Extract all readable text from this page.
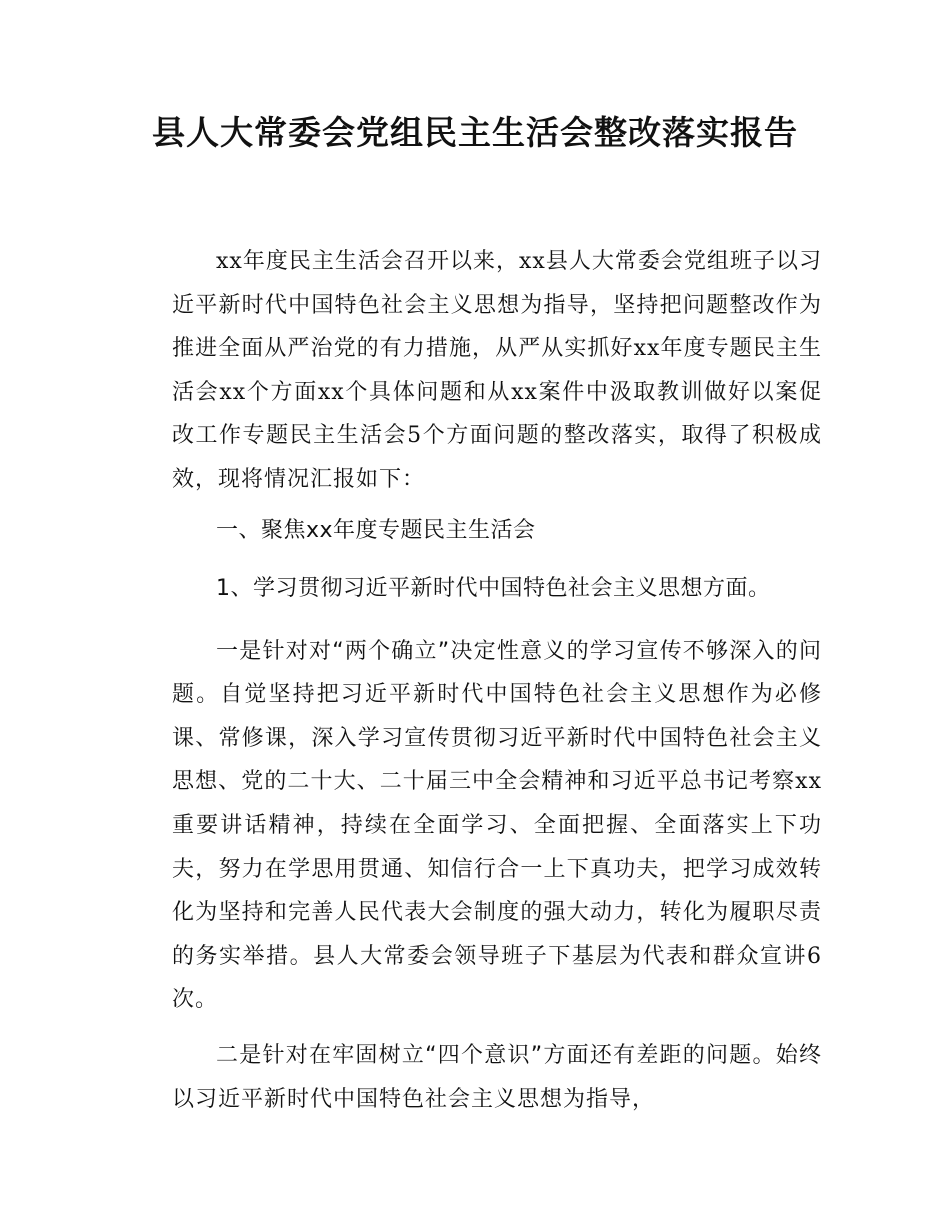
县人大常委会党组民主生活会整改落实报告

xx年度民主生活会召开以来，xx县人大常委会党组班子以习近平新时代中国特色社会主义思想为指导，坚持把问题整改作为推进全面从严治党的有力措施，从严从实抓好xx年度专题民主生活会xx个方面xx个具体问题和从xx案件中汲取教训做好以案促改工作专题民主生活会5个方面问题的整改落实，取得了积极成效，现将情况汇报如下：

一、聚焦xx年度专题民主生活会

1、学习贯彻习近平新时代中国特色社会主义思想方面。

一是针对对“两个确立”决定性意义的学习宣传不够深入的问题。自觉坚持把习近平新时代中国特色社会主义思想作为必修课、常修课，深入学习宣传贯彻习近平新时代中国特色社会主义思想、党的二十大、二十届三中全会精神和习近平总书记考察xx重要讲话精神，持续在全面学习、全面把握、全面落实上下功夫，努力在学思用贯通、知信行合一上下真功夫，把学习成效转化为坚持和完善人民代表大会制度的强大动力，转化为履职尽责的务实举措。县人大常委会领导班子下基层为代表和群众宣讲6次。

二是针对在牢固树立“四个意识”方面还有差距的问题。始终以习近平新时代中国特色社会主义思想为指导，
